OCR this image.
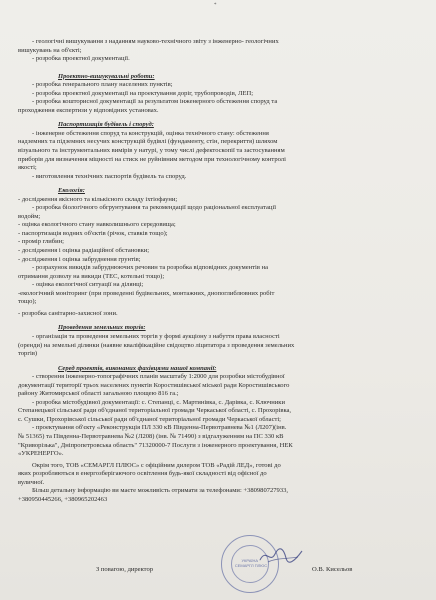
*

- геологічні вишукування з наданням науково-технічного звіту з інженерно- геологічних

вишукувань на об'єкті;

- розробка проектної документації.

Проектно-вишукувальні роботи:

- розробка генерального плану населених пунктів;

- розробка проектної документації на проектування доріг, трубопроводів, ЛЕП;

- розробка кошторисної документації за результатом інженерного обстеження споруд та

проходження експертизи у відповідних установах.

Паспортизація будівель і споруд:

- інженерне обстеження споруд та конструкцій, оцінка технічного стану: обстеження

надземних та підземних несучих конструкцій будівлі (фундаменту, стін, перекриття) шляхом

візуального та інструментальних вимірів у натурі, у тому числі дефектоскопії та застосуванням

приборів для визначення міцності на стиск не руйнівним методом при технологічному контролі

якості;

- виготовлення технічних паспортів будівель та споруд.

Екологія:

- дослідження якісного та кількісного складу іхтіофауни;

- розробка біологічного обгрунтування та рекомендації щодо раціональної експлуатації

водойм;

- оцінка екологічного стану навколишнього середовища;

- паспортизація водних об'єктів (річок, ставків тощо);

- промір глибин;

- дослідження і оцінка радіаційної обстановки;

- дослідження і оцінка забруднення грунтів;

- розрахунок викидів забруднюючих речовин та розробка відповідних документів на

отримання дозволу на викиди (ТЕС, котельні тощо);

- оцінка екологічної ситуації на ділянці;

-екологічний моніторинг (при проведенні будівельних, монтажних, днопоглиблювних робіт

тощо);

- розробка санітарно-захисної зони.

Проведення земельних торгів:

- організація та проведення земельних торгів у формі аукціону з набуття права власності

(оренди) на земельні ділянки (наявне кваліфікаційне свідоцтво ліцитатора з проведення земельних

торгів)

Серед проектів, виконаних фахівцями нашої компанії:

- створення інженерно-топографічних планів масштабу 1:2000 для розробки містобудівної

документації території трьох населених пунктів Коростишівської міської ради Коростишівського

району Житомирської області загальною площею 816 га.;

- розробка містобудівної документації: с. Степанці, с. Мартинівка, с. Дарівка, с. Ключники

Степанецької сільської ради об'єднаної територіальної громади Черкаської області, с. Прохорівка,

с. Сушки, Прохорівської сільської ради об'єднаної територіальної громади Черкаської області;

- проектування об'єкту «Реконструкція ПЛ 330 кВ Південна-Первотравнева №1 (Л207)(інв.

№ 51365) та Південна-Первотравнева №2 (Л208) (інв. № 71490) з відгалуженням на ПС 330 кВ

"Криворізька", Дніпропетровська область" 71320000-7 Послуги з інженерного проектування, НЕК

«УКРЕНЕРГО».

Окрім того, ТОВ «СЕМАРГЛ ПЛЮС» с офіційним дилером ТОВ «Радій ЛЕД», готові до

яких розробляються в енергозберігаючого освітлення будь-якої складності від офісної до

вуличної.

Більш детальну інформацію ви маєте можливість отримати за телефонами: +380980727933,

+380950445266, +380965202463

УКРАЇНА · СЕМАРГЛ ПЛЮС
З повагою, директор	О.В. Кисельов
